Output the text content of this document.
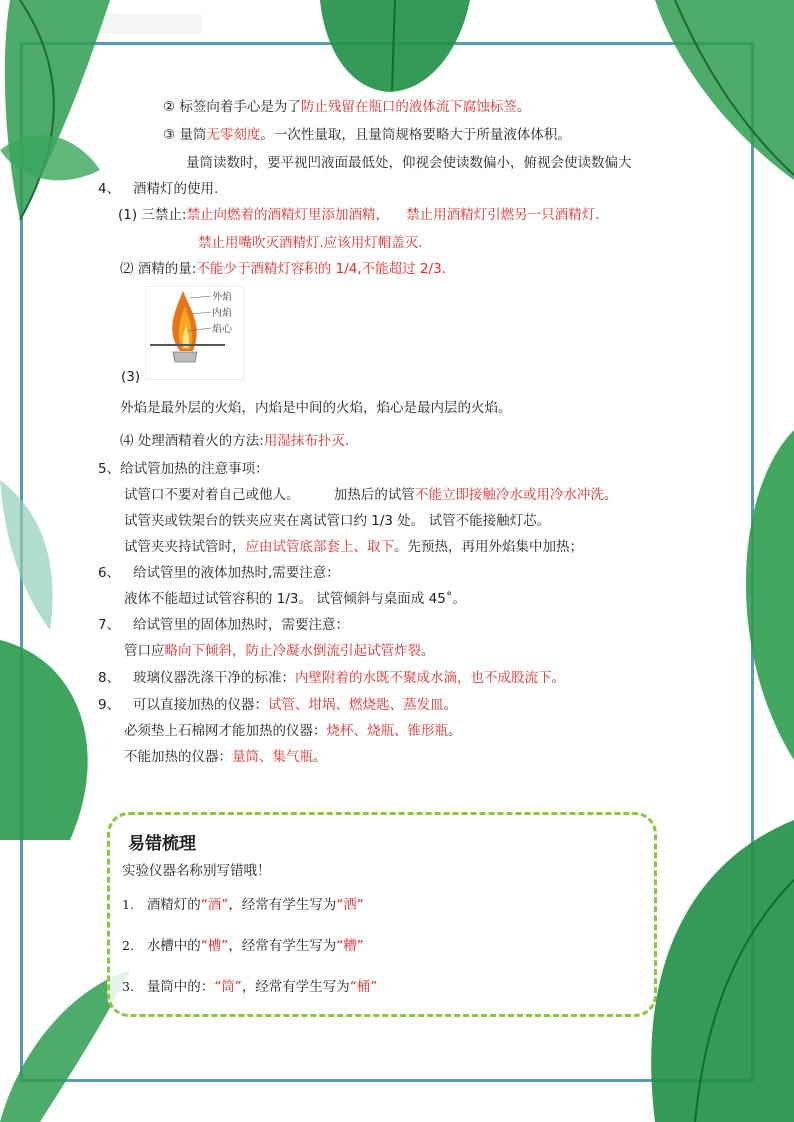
② 标签向着手心是为了防止残留在瓶口的液体流下腐蚀标签。
③ 量筒无零刻度。一次性量取，且量筒规格要略大于所量液体体积。
量筒读数时，要平视凹液面最低处，仰视会使读数偏小，俯视会使读数偏大
4、 酒精灯的使用.
(1) 三禁止:禁止向燃着的酒精灯里添加酒精， 禁止用酒精灯引燃另一只酒精灯.
禁止用嘴吹灭酒精灯.应该用灯帽盖灭.
⑵ 酒精的量:不能少于酒精灯容积的 1/4,不能超过 2/3.
外焰
内焰
焰心
(3)
外焰是最外层的火焰，内焰是中间的火焰，焰心是最内层的火焰。
⑷ 处理酒精着火的方法:用湿抹布扑灭.
5、给试管加热的注意事项：
试管口不要对着自己或他人。	加热后的试管不能立即接触冷水或用冷水冲洗。
试管夹或铁架台的铁夹应夹在离试管口约 1/3 处。 试管不能接触灯芯。
试管夹夹持试管时，应由试管底部套上、取下。先预热，再用外焰集中加热；
6、 给试管里的液体加热时,需要注意：
液体不能超过试管容积的 1/3。 试管倾斜与桌面成 45˚。
7、 给试管里的固体加热时，需要注意：
管口应略向下倾斜，防止冷凝水倒流引起试管炸裂。
8、 玻璃仪器洗涤干净的标准：内壁附着的水既不聚成水滴，也不成股流下。
9、 可以直接加热的仪器：试管、坩埚、燃烧匙、蒸发皿。
必须垫上石棉网才能加热的仪器：烧杯、烧瓶、锥形瓶。
不能加热的仪器：量筒、集气瓶。
易错梳理
实验仪器名称别写错哦！
1. 酒精灯的“酒”，经常有学生写为“洒”
2. 水槽中的“槽”，经常有学生写为“糟”
3. 量筒中的：“筒”，经常有学生写为“桶”
